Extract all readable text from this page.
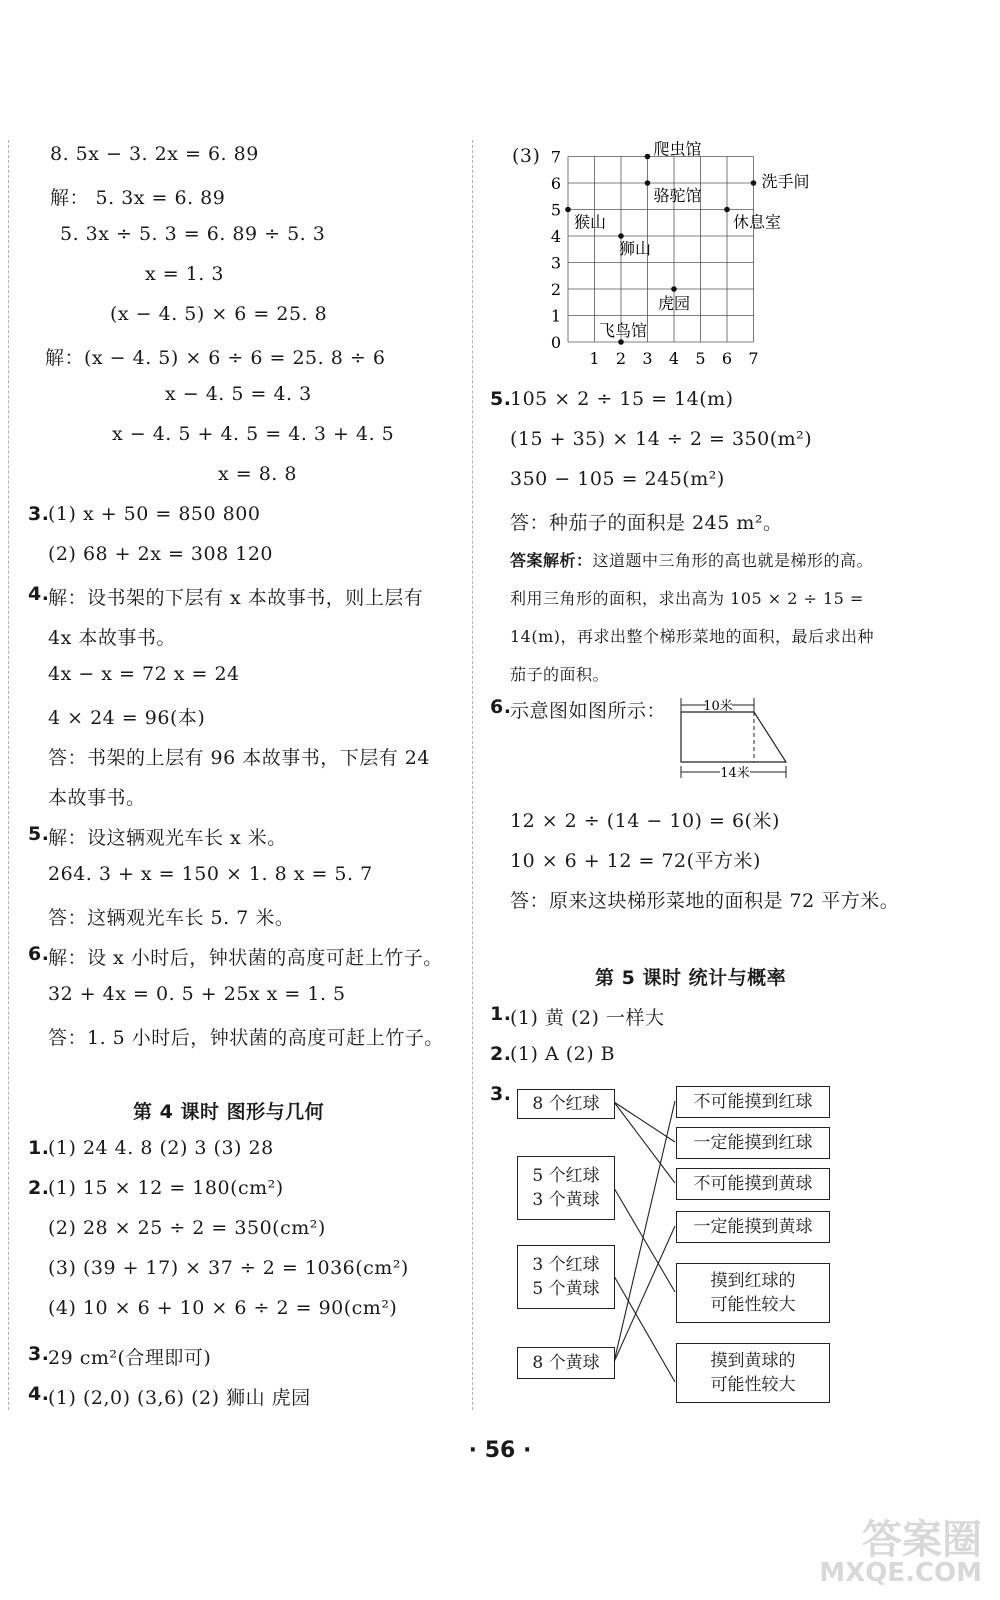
8. 5x − 3. 2x = 6. 89
解： 5. 3x = 6. 89
5. 3x ÷ 5. 3 = 6. 89 ÷ 5. 3
x = 1. 3
(x − 4. 5) × 6 = 25. 8
解：(x − 4. 5) × 6 ÷ 6 = 25. 8 ÷ 6
x − 4. 5 = 4. 3
x − 4. 5 + 4. 5 = 4. 3 + 4. 5
x = 8. 8
3.
(1) x + 50 = 850 800
(2) 68 + 2x = 308 120
4.
解：设书架的下层有 x 本故事书，则上层有
4x 本故事书。
4x − x = 72 x = 24
4 × 24 = 96(本)
答：书架的上层有 96 本故事书，下层有 24
本故事书。
5.
解：设这辆观光车长 x 米。
264. 3 + x = 150 × 1. 8 x = 5. 7
答：这辆观光车长 5. 7 米。
6.
解：设 x 小时后，钟状菌的高度可赶上竹子。
32 + 4x = 0. 5 + 25x x = 1. 5
答：1. 5 小时后，钟状菌的高度可赶上竹子。
第 4 课时 图形与几何
1.
(1) 24 4. 8 (2) 3 (3) 28
2.
(1) 15 × 12 = 180(cm²)
(2) 28 × 25 ÷ 2 = 350(cm²)
(3) (39 + 17) × 37 ÷ 2 = 1036(cm²)
(4) 10 × 6 + 10 × 6 ÷ 2 = 90(cm²)
3.
29 cm²(合理即可)
4.
(1) (2,0) (3,6) (2) 狮山 虎园
(3)
1 2 3 4 5 6 7
0
1
2
3
4
5
6
7	爬虫馆
洗手间
骆驼馆
猴山	休息室
狮山
虎园
飞鸟馆
5.
105 × 2 ÷ 15 = 14(m)
(15 + 35) × 14 ÷ 2 = 350(m²)
350 − 105 = 245(m²)
答：种茄子的面积是 245 m²。
答案解析：这道题中三角形的高也就是梯形的高。
利用三角形的面积，求出高为 105 × 2 ÷ 15 =
14(m)，再求出整个梯形菜地的面积，最后求出种
茄子的面积。
6.
示意图如图所示：	10米
14米
12 × 2 ÷ (14 − 10) = 6(米)
10 × 6 + 12 = 72(平方米)
答：原来这块梯形菜地的面积是 72 平方米。
第 5 课时 统计与概率
1.
(1) 黄 (2) 一样大
2.
(1) A (2) B
3. 8 个红球
5 个红球
3 个黄球
3 个红球
5 个黄球
8 个黄球
不可能摸到红球
一定能摸到红球
不可能摸到黄球
一定能摸到黄球
摸到红球的
可能性较大
摸到黄球的
可能性较大
· 56 ·
答案圈
MXQE.COM
